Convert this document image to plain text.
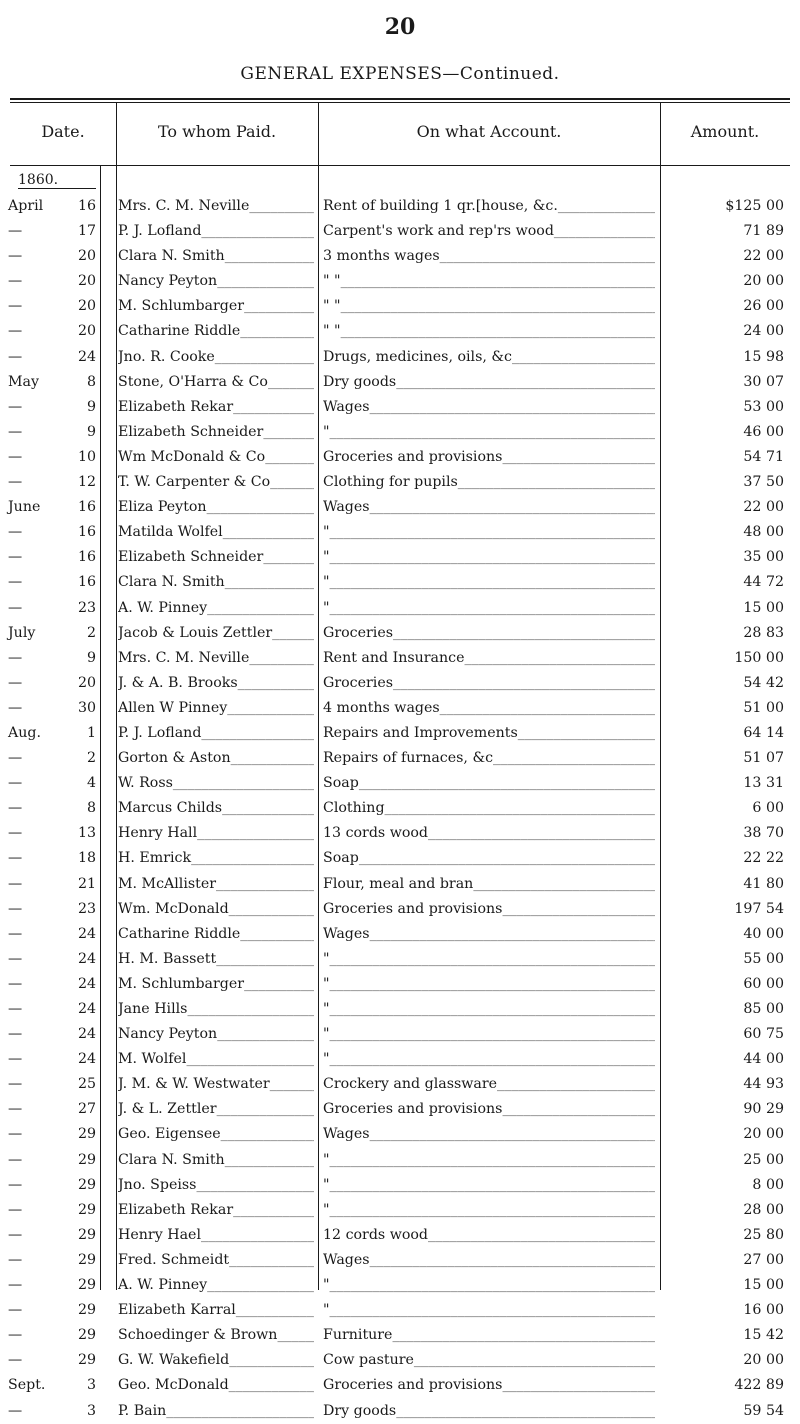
20
GENERAL EXPENSES—Continued.
Date.	To whom Paid.	On what Account.	Amount.
1860.
April	16 Mrs. C. M. Neville _____	Rent of building 1 qr.[house, &c. _____	$125 00
—	17 P. J. Lofland _____	Carpent's work and rep'rs wood _____	71 89
—	20 Clara N. Smith _____	3 months wages _____	22 00
—	20 Nancy Peyton _____	" " _____	20 00
—	20 M. Schlumbarger _____	" " _____	26 00
—	20 Catharine Riddle _____	" " _____	24 00
—	24 Jno. R. Cooke _____	Drugs, medicines, oils, &c _____	15 98
May	8 Stone, O'Harra & Co _____	Dry goods _____	30 07
—	9 Elizabeth Rekar _____	Wages _____	53 00
—	9 Elizabeth Schneider _____	" _____	46 00
—	10 Wm McDonald & Co _____	Groceries and provisions _____	54 71
—	12 T. W. Carpenter & Co _____	Clothing for pupils _____	37 50
June	16 Eliza Peyton _____	Wages _____	22 00
—	16 Matilda Wolfel _____	" _____	48 00
—	16 Elizabeth Schneider _____	" _____	35 00
—	16 Clara N. Smith _____	" _____	44 72
—	23 A. W. Pinney _____	" _____	15 00
July	2 Jacob & Louis Zettler _____	Groceries _____	28 83
—	9 Mrs. C. M. Neville _____	Rent and Insurance _____	150 00
—	20 J. & A. B. Brooks _____	Groceries _____	54 42
—	30 Allen W Pinney _____	4 months wages _____	51 00
Aug.	1 P. J. Lofland _____	Repairs and Improvements _____	64 14
—	2 Gorton & Aston _____	Repairs of furnaces, &c _____	51 07
—	4 W. Ross _____	Soap _____	13 31
—	8 Marcus Childs _____	Clothing _____	6 00
—	13 Henry Hall _____	13 cords wood _____	38 70
—	18 H. Emrick _____	Soap _____	22 22
—	21 M. McAllister _____	Flour, meal and bran _____	41 80
—	23 Wm. McDonald _____	Groceries and provisions _____	197 54
—	24 Catharine Riddle _____	Wages _____	40 00
—	24 H. M. Bassett _____	" _____	55 00
—	24 M. Schlumbarger _____	" _____	60 00
—	24 Jane Hills _____	" _____	85 00
—	24 Nancy Peyton _____	" _____	60 75
—	24 M. Wolfel _____	" _____	44 00
—	25 J. M. & W. Westwater _____	Crockery and glassware _____	44 93
—	27 J. & L. Zettler _____	Groceries and provisions _____	90 29
—	29 Geo. Eigensee _____	Wages _____	20 00
—	29 Clara N. Smith _____	" _____	25 00
—	29 Jno. Speiss _____	" _____	8 00
—	29 Elizabeth Rekar _____	" _____	28 00
—	29 Henry Hael _____	12 cords wood _____	25 80
—	29 Fred. Schmeidt _____	Wages _____	27 00
—	29 A. W. Pinney _____	" _____	15 00
—	29 Elizabeth Karral _____	" _____	16 00
—	29 Schoedinger & Brown _____	Furniture _____	15 42
—	29 G. W. Wakefield _____	Cow pasture _____	20 00
Sept.	3 Geo. McDonald _____	Groceries and provisions _____	422 89
—	3 P. Bain _____	Dry goods _____	59 54
